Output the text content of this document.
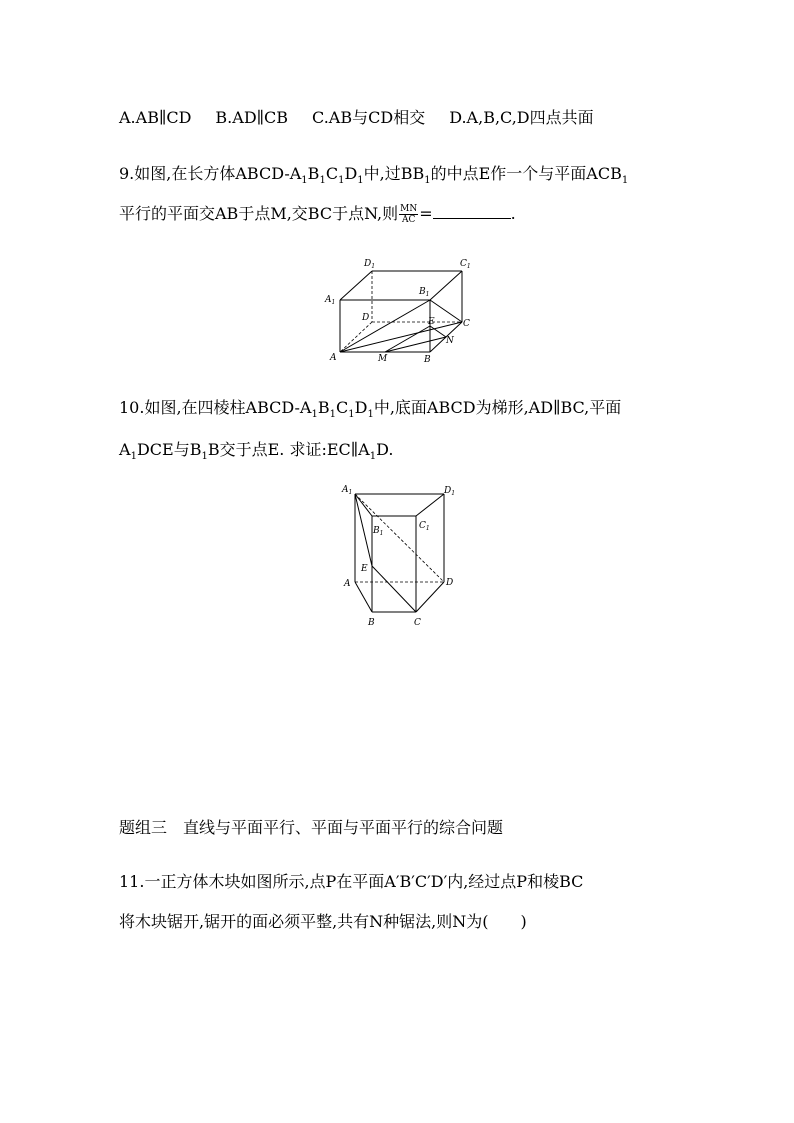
A.AB∥CD B.AD∥CB C.AB与CD相交 D.A,B,C,D四点共面
9.如图,在长方体ABCD-$A_1B_1C_1D_1$中,过$BB_1$的中点E作一个与平面$ACB_1$
平行的平面交AB于点M,交BC于点N,则 $\frac{MN}{AC}$ =	.
$D_1$	$C_1$
$A_1$
$B_1$
D	E	C
N
A	M	B
10.如图,在四棱柱ABCD-$A_1B_1C_1D_1$中,底面ABCD为梯形,AD∥BC,平面
$A_1DCE$与$B_1B$交于点E. 求证$:EC\parallel A_1D$.
$A_1$	$D_1$
$B_1$
$C_1$
E
A	D
B	C
题组三　直线与平面平行、平面与平面平行的综合问题
11.一正方体木块如图所示,点P在平面A′B′C′D′内,经过点P和棱BC
将木块锯开,锯开的面必须平整,共有N种锯法,则N为(　　)
